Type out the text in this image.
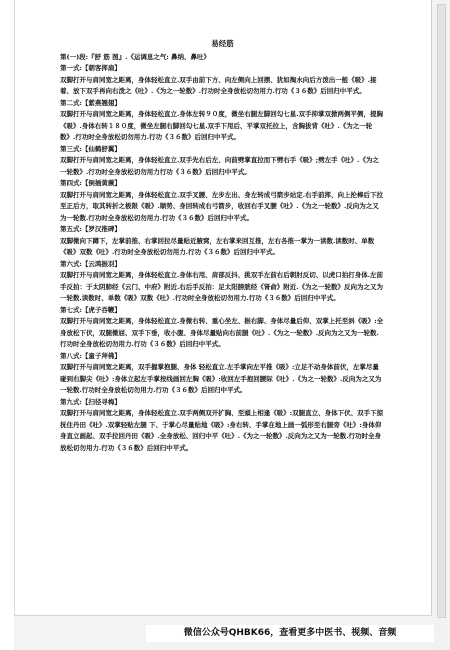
易经筋

第(一)段:『舒 筋 图』.《运调息之气: 鼻纳、鼻吐》

第一式:【朝客挥扇】

双脚打开与肩同宽之距离，身体轻松直立.双手由前下方、向左侧向上回摆、犹如掏水向后方泼出一般《吸》.接着、放下双手再向右泼之《吐》.《为之一轮数》.行功时全身放松切勿用力.行功《３６数》后回归中平式。

第二式:【紫燕翘翅】

双脚打开与肩同宽之距离，身体轻松直立.身体左转９０度，微坐右腿左脚回勾七星.双手抑掌双掀两侧平侧，提胸《吸》.身体右转１８０度，微坐左腿右脚回勾七星.双手下甩后、平掌双托拉上，含胸拔背《吐》.《为之一轮数》.行功时全身放松切勿用力.行功《３６数》后回归中平式。

第三式:【仙鹤舒翼】

双脚打开与肩同宽之距离，身体轻松直立.双手先右后左、向前劈掌直拉而下劈右手《吸》;劈左手《吐》.《为之一轮数》.行功时全身放松切勿用力行功《３６数》后回归中平式。

第四式:【倒插黄蕨】

双脚打开与肩同宽之距离，身体轻松直立.双手叉腰、左步左出、身左转成弓箭步站定.右手前挥、向上抡棒后下拉至正后方，取其转折之极限《吸》.顺势、身回转成右弓箭步，收回右手叉腰《吐》.《为之一轮数》.反向为之又为一轮数.行功时全身放松切勿用力.行功《３６数》后回归中平式。

第五式:【罗汉推碑】

双脚微向下蹲下，左掌前推、右掌回拉尽量贴近腋窝，左右掌来回互推，左右各推一掌为一读数.读数时、单数《吸》双数《吐》.行功时全身放松切勿用力.行功《３６数》后回归中平式。

第六式:【云鸿振羽】

双脚打开与肩同宽之距离，身体轻松直立.身体右甩、肩部反抖、挑双手左前右后朝肘反切、以虎口拍打身体.左前手反拍：于太阴肺经《云门、中府》附近.右后手反拍：足太阳膀胱经《肾俞》附近.《为之一轮数》反向为之又为一轮数.读数时、单数《吸》双数《吐》.行功时全身放松切勿用力.行功《３６数》后回归中平式。

第七式:【虎子吞鞭】

双脚打开与肩同宽之距离，身体轻松直立.身微右转、重心坐左、振右脚、身体尽量后仰、双掌上托至斜《吸》:全身放松下伏，双腿微屈、双手下垂，收小腹、身体尽量贴向右前腿《吐》.《为之一轮数》.反向为之又为一轮数.行功时全身放松切勿用力.行功《３６数》后回归中平式。

第八式:【童子拜佛】

双脚打开与肩同宽之距离，双手握掌抱腿、身体 轻松直立.左手掌向左平推《吸》:立足不动身体前伏，左掌尽量碰到右脚尖《吐》:身体立起左手掌按线画回左胸《吸》:收回左手抱回腰际《吐》.《为之一轮数》.反向为之又为一轮数.行功时全身放松切勿用力.行功《３６数》后回归中平式。

第九式:【扫径寻梅】

双脚打开与肩同宽之距离，身体轻松直立.双手两侧双开扩胸、至頭上相逢《吸》:双腿直立、身体下伏、双手下掠抚住丹田《吐》.双掌轻贴左腿 下、于掌心尽量贴地《吸》:身右转、手掌在地上画一弧形至右腿旁《吐》:身体仰身直立画起、双手拉回丹田《吸》.全身放松、回归中平《吐》.《为之一轮数》.反向为之又为一轮数.行功时全身放松切勿用力.行功《３６数》后回归中平式。

微信公众号QHBK66，查看更多中医书、视频、音频
